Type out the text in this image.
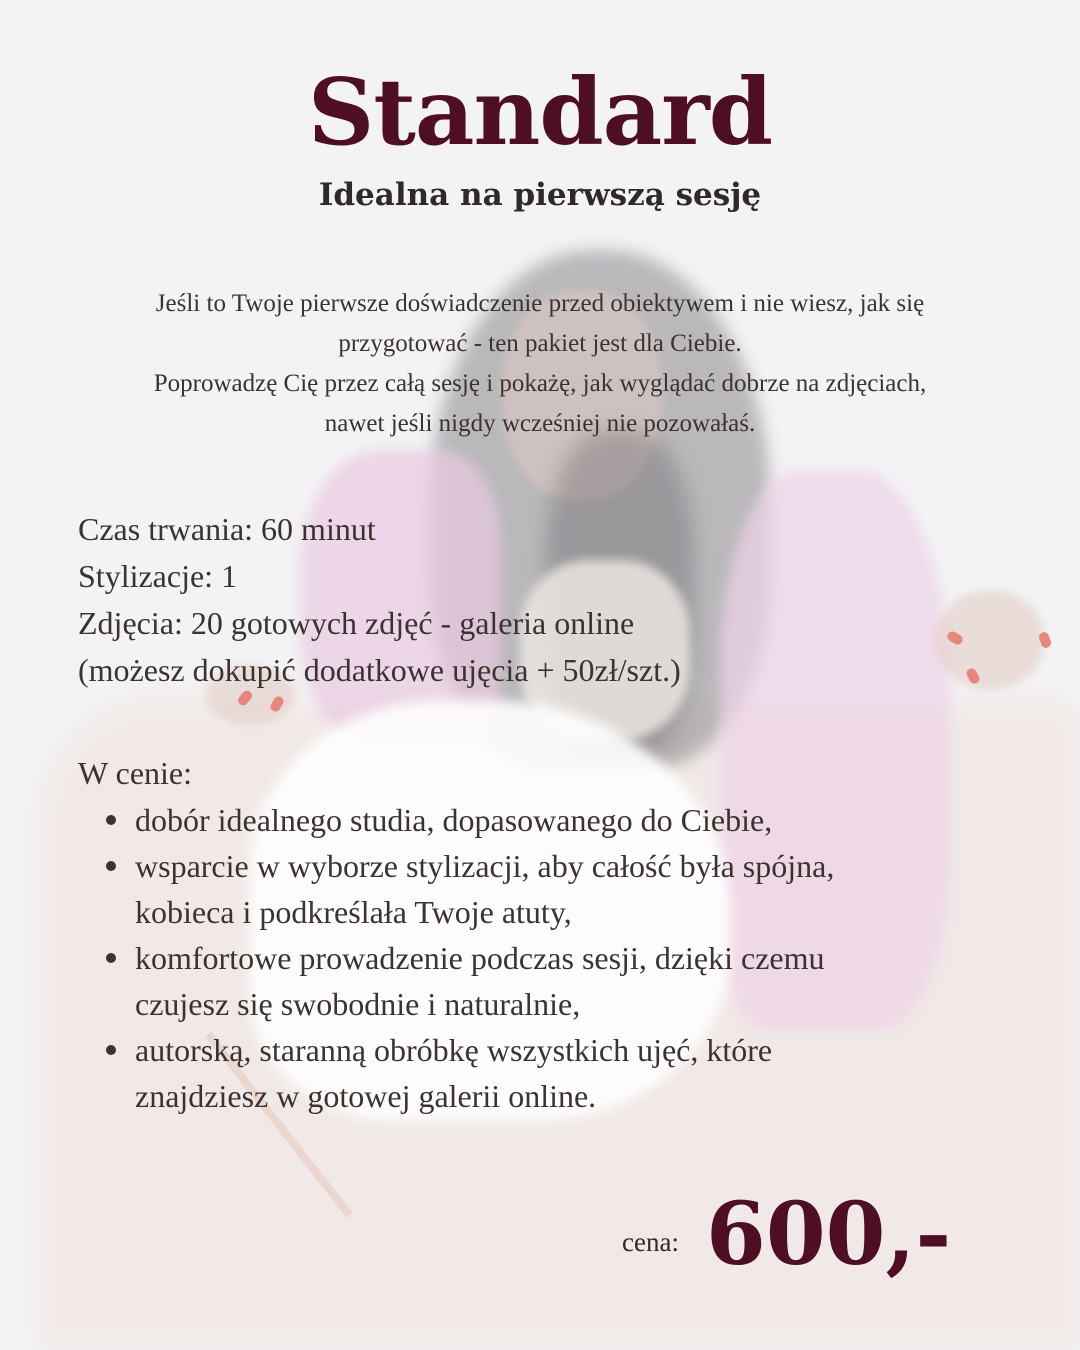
Standard
Idealna na pierwszą sesję

Jeśli to Twoje pierwsze doświadczenie przed obiektywem i nie wiesz, jak się

przygotować - ten pakiet jest dla Ciebie.

Poprowadzę Cię przez całą sesję i pokażę, jak wyglądać dobrze na zdjęciach,

nawet jeśli nigdy wcześniej nie pozowałaś.

Czas trwania: 60 minut
Stylizacje: 1
Zdjęcia: 20 gotowych zdjęć - galeria online
(możesz dokupić dodatkowe ujęcia + 50zł/szt.)
W cenie:
dobór idealnego studia, dopasowanego do Ciebie,
wsparcie w wyborze stylizacji, aby całość była spójna,
kobieca i podkreślała Twoje atuty,
komfortowe prowadzenie podczas sesji, dzięki czemu
czujesz się swobodnie i naturalnie,
autorską, staranną obróbkę wszystkich ujęć, które
znajdziesz w gotowej galerii online.
cena: 600,-
